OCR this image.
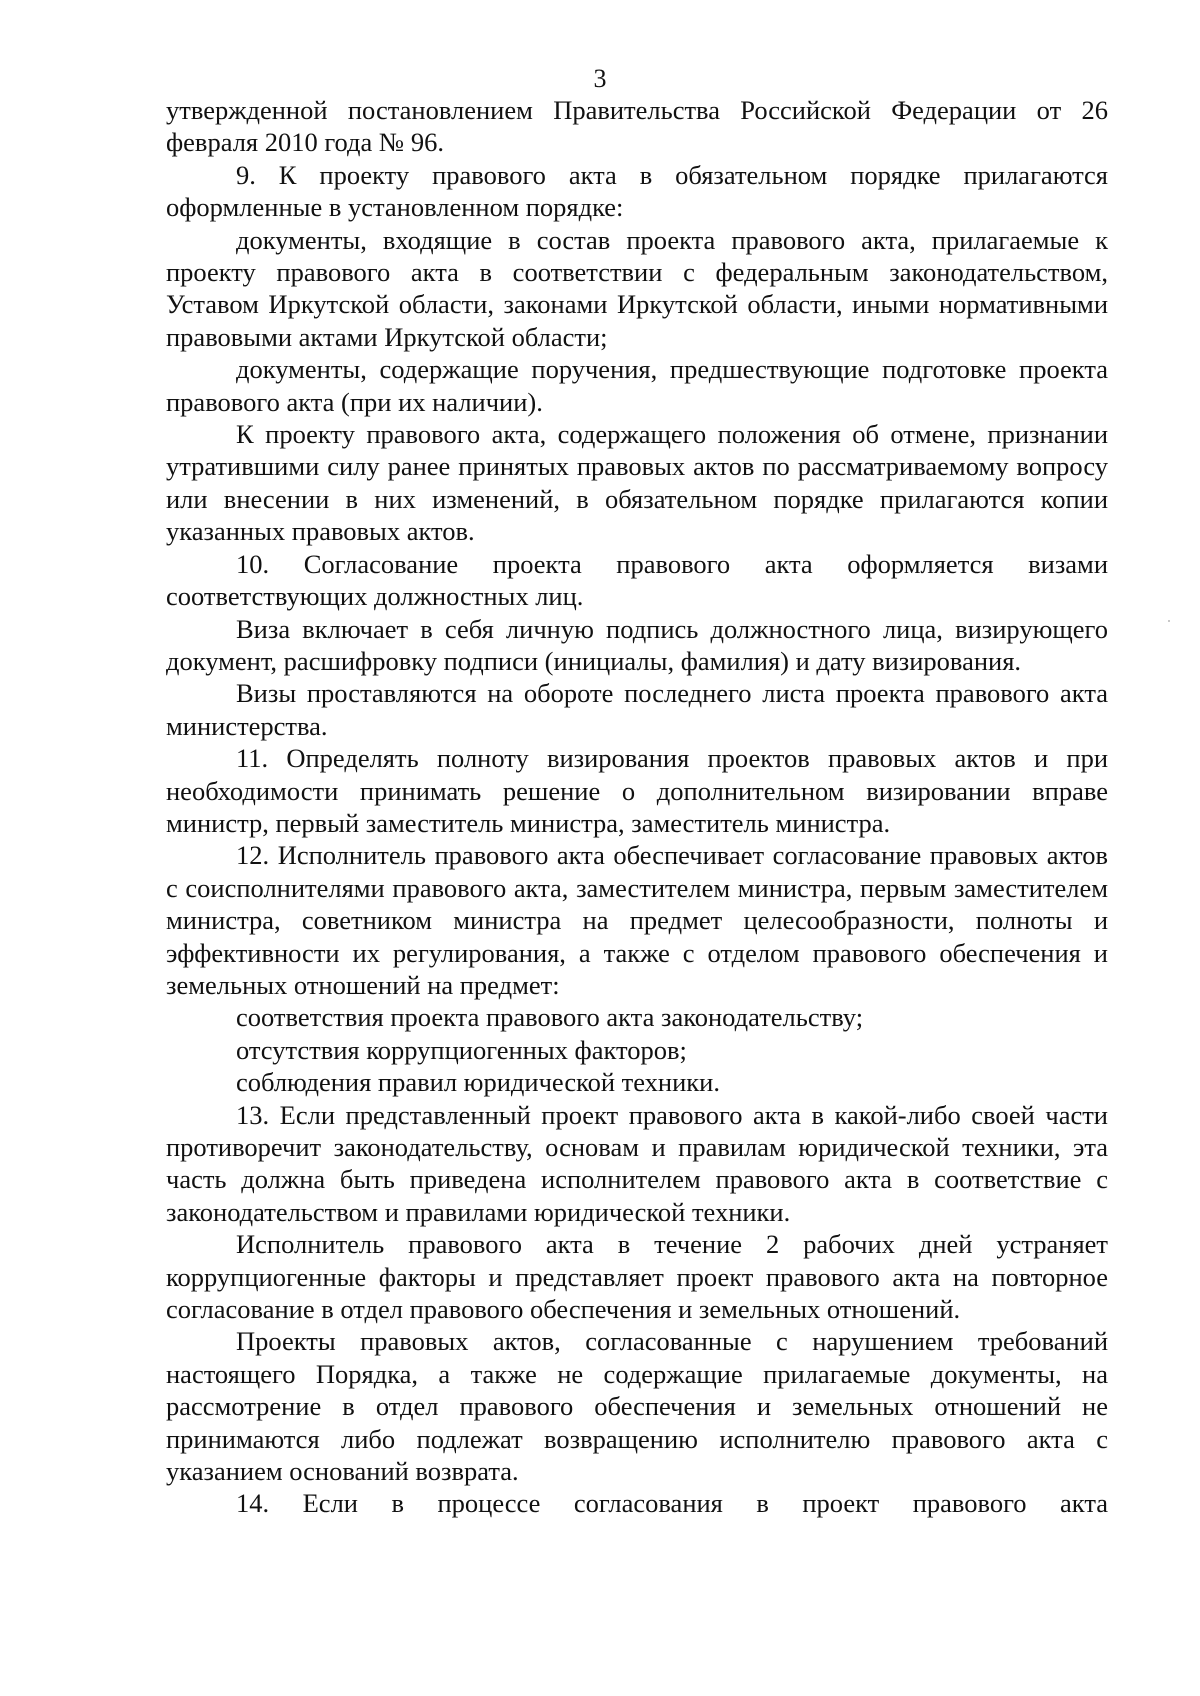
3

утвержденной постановлением Правительства Российской Федерации от 26 февраля 2010 года № 96.

9. К проекту правового акта в обязательном порядке прилагаются оформленные в установленном порядке:

документы, входящие в состав проекта правового акта, прилагаемые к проекту правового акта в соответствии с федеральным законодательством, Уставом Иркутской области, законами Иркутской области, иными нормативными правовыми актами Иркутской области;

документы, содержащие поручения, предшествующие подготовке проекта правового акта (при их наличии).

К проекту правового акта, содержащего положения об отмене, признании утратившими силу ранее принятых правовых актов по рассматриваемому вопросу или внесении в них изменений, в обязательном порядке прилагаются копии указанных правовых актов.

10. Согласование проекта правового акта оформляется визами соответствующих должностных лиц.

Виза включает в себя личную подпись должностного лица, визирующего документ, расшифровку подписи (инициалы, фамилия) и дату визирования.

Визы проставляются на обороте последнего листа проекта правового акта министерства.

11. Определять полноту визирования проектов правовых актов и при необходимости принимать решение о дополнительном визировании вправе министр, первый заместитель министра, заместитель министра.

12. Исполнитель правового акта обеспечивает согласование правовых актов с соисполнителями правового акта, заместителем министра, первым заместителем министра, советником министра на предмет целесообразности, полноты и эффективности их регулирования, а также с отделом правового обеспечения и земельных отношений на предмет:

соответствия проекта правового акта законодательству;

отсутствия коррупциогенных факторов;

соблюдения правил юридической техники.

13. Если представленный проект правового акта в какой-либо своей части противоречит законодательству, основам и правилам юридической техники, эта часть должна быть приведена исполнителем правового акта в соответствие с законодательством и правилами юридической техники.

Исполнитель правового акта в течение 2 рабочих дней устраняет коррупциогенные факторы и представляет проект правового акта на повторное согласование в отдел правового обеспечения и земельных отношений.

Проекты правовых актов, согласованные с нарушением требований настоящего Порядка, а также не содержащие прилагаемые документы, на рассмотрение в отдел правового обеспечения и земельных отношений не принимаются либо подлежат возвращению исполнителю правового акта с указанием оснований возврата.

14. Если в процессе согласования в проект правового акта
